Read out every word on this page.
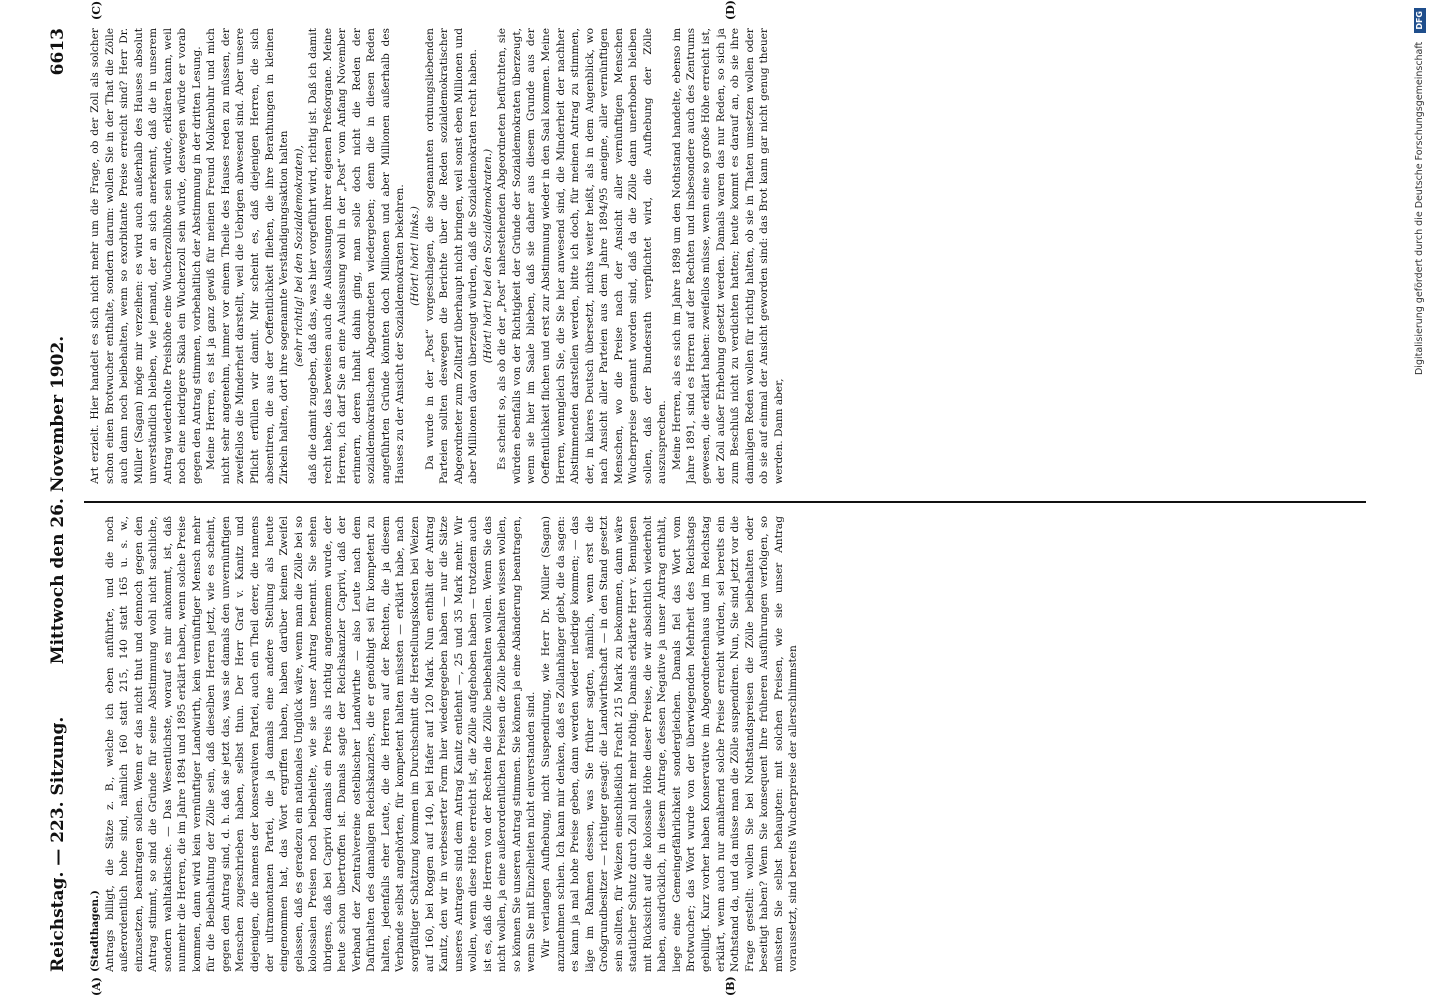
Reichstag. — 223. Sitzung.
Mittwoch den 26. November 1902.
6613
(A)	(B)
(C)	(D)
(Stadthagen.) Antrags billigt, die Sätze z. B., welche ich eben anführte, und die noch außerordentlich hohe sind, nämlich 160 statt 215, 140 statt 165 u. s. w., einzusetzen, beantragen sollen. Wenn er das nicht thut und dennoch gegen den Antrag stimmt, so sind die Gründe für seine Abstimmung wohl nicht sachliche, sondern wahltaktische. — Das Wesentlichste, worauf es mir ankommt, ist, daß nunmehr die Herren, die im Jahre 1894 und 1895 erklärt haben, wenn solche Preise kommen, dann wird kein vernünftiger Landwirth, kein vernünftiger Mensch mehr für die Beibehaltung der Zölle sein, daß dieselben Herren jetzt, wie es scheint, gegen den Antrag sind, d. h. daß sie jetzt das, was sie damals den unvernünftigen Menschen zugeschrieben haben, selbst thun. Der Herr Graf v. Kanitz und diejenigen, die namens der konservativen Partei, auch ein Theil derer, die namens der ultramontanen Partei, die ja damals eine andere Stellung als heute eingenommen hat, das Wort ergriffen haben, haben darüber keinen Zweifel gelassen, daß es geradezu ein nationales Unglück wäre, wenn man die Zölle bei so kolossalen Preisen noch beibehielte, wie sie unser Antrag benennt. Sie sehen übrigens, daß bei Caprivi damals ein Preis als richtig angenommen wurde, der heute schon übertroffen ist. Damals sagte der Reichskanzler Caprivi, daß der Verband der Zentralvereine ostelbischer Landwirthe — also Leute nach dem Dafürhalten des damaligen Reichskanzlers, die er genöthigt sei für kompetent zu halten, jedenfalls eher Leute, die die Herren auf der Rechten, die ja diesem Verbande selbst angehörten, für kompetent halten müssten — erklärt habe, nach sorgfältiger Schätzung kommen im Durchschnitt die Herstellungskosten bei Weizen auf 160, bei Roggen auf 140, bei Hafer auf 120 Mark. Nun enthält der Antrag Kanitz, den wir in verbesserter Form hier wiedergegeben haben — nur die Sätze unseres Antrages sind dem Antrag Kanitz entlehnt —, 25 und 35 Mark mehr. Wir wollen, wenn diese Höhe erreicht ist, die Zölle aufgehoben haben — trotzdem auch ist es, daß die Herren von der Rechten die Zölle beibehalten wollen. Wenn Sie das nicht wollen, ja eine außerordentlichen Preisen die Zölle beibehalten wissen wollen, so können Sie unseren Antrag stimmen. Sie können ja eine Abänderung beantragen, wenn Sie mit Einzelheiten nicht einverstanden sind. Wir verlangen Aufhebung, nicht Suspendirung, wie Herr Dr. Müller (Sagan) anzunehmen schien. Ich kann mir denken, daß es Zollanhänger giebt, die da sagen: es kann ja mal hohe Preise geben, dann werden wieder niedrige kommen; — das läge im Rahmen dessen, was Sie früher sagten, nämlich, wenn erst die Großgrundbesitzer — richtiger gesagt: die Landwirthschaft — in den Stand gesetzt sein sollten, für Weizen einschließlich Fracht 215 Mark zu bekommen, dann wäre staatlicher Schutz durch Zoll nicht mehr nöthig. Damals erklärte Herr v. Bennigsen mit Rücksicht auf die kolossale Höhe dieser Preise, die wir absichtlich wiederholt haben, ausdrücklich, in diesem Antrage, dessen Negative ja unser Antrag enthält, liege eine Gemeingefährlichkeit sondergleichen. Damals fiel das Wort vom Brotwucher; das Wort wurde von der überwiegenden Mehrheit des Reichstags gebilligt. Kurz vorher haben Konservative im Abgeordnetenhaus und im Reichstag erklärt, wenn auch nur annähernd solche Preise erreicht würden, sei bereits ein Nothstand da, und da müsse man die Zölle suspendiren. Nun, Sie sind jetzt vor die Frage gestellt: wollen Sie bei Nothstandspreisen die Zölle beibehalten oder beseitigt haben? Wenn Sie konsequent Ihre früheren Ausführungen verfolgen, so müssten Sie selbst behaupten: mit solchen Preisen, wie sie unser Antrag voraussetzt, sind bereits Wucherpreise der allerschlimmsten

Art erzielt. Hier handelt es sich nicht mehr um die Frage, ob der Zoll als solcher schon einen Brotwucher enthalte, sondern darum: wollen Sie in der That die Zölle auch dann noch beibehalten, wenn so exorbitante Preise erreicht sind? Herr Dr. Müller (Sagan) möge mir verzeihen: es wird auch außerhalb des Hauses absolut unverständlich bleiben, wie jemand, der an sich anerkennt, daß die in unserem Antrag wiederholte Preishöhe eine Wucherzollhöhe sein würde, erklären kann, weil noch eine niedrigere Skala ein Wucherzoll sein würde, deswegen würde er vorab gegen den Antrag stimmen, vorbehaltlich der Abstimmung in der dritten Lesung. Meine Herren, es ist ja ganz gewiß für meinen Freund Molkenbuhr und mich nicht sehr angenehm, immer vor einem Theile des Hauses reden zu müssen, der zweifellos die Minderheit darstellt, weil die Uebrigen abwesend sind. Aber unsere Pflicht erfüllen wir damit. Mir scheint es, daß diejenigen Herren, die sich absentiren, die aus der Oeffentlichkeit fliehen, die ihre Berathungen in kleinen Zirkeln halten, dort ihre sogenannte Verständigungsaktion halten (sehr richtig! bei den Sozialdemokraten), daß die damit zugeben, daß das, was hier vorgeführt wird, richtig ist. Daß ich damit recht habe, das beweisen auch die Auslassungen ihrer eigenen Preßorgane. Meine Herren, ich darf Sie an eine Auslassung wohl in der „Post“ vom Anfang November erinnern, deren Inhalt dahin ging, man solle doch nicht die Reden der sozialdemokratischen Abgeordneten wiedergeben; denn die in diesen Reden angeführten Gründe könnten doch Millionen und aber Millionen außerhalb des Hauses zu der Ansicht der Sozialdemokraten bekehren. (Hört! hört! links.) Da wurde in der „Post“ vorgeschlagen, die sogenannten ordnungsliebenden Parteien sollten deswegen die Berichte über die Reden sozialdemokratischer Abgeordneter zum Zolltarif überhaupt nicht bringen, weil sonst eben Millionen und aber Millionen davon überzeugt würden, daß die Sozialdemokraten recht haben. (Hört! hört! bei den Sozialdemokraten.) Es scheint so, als ob die der „Post“ nahestehenden Abgeordneten befürchten, sie würden ebenfalls von der Richtigkeit der Gründe der Sozialdemokraten überzeugt, wenn sie hier im Saale blieben, daß sie daher aus diesem Grunde aus der Oeffentlichkeit flichen und erst zur Abstimmung wieder in den Saal kommen. Meine Herren, wenngleich Sie, die Sie hier anwesend sind, die Minderheit der nachher Abstimmenden darstellen werden, bitte ich doch, für meinen Antrag zu stimmen, der, in klares Deutsch übersetzt, nichts weiter heißt, als in dem Augenblick, wo nach Ansicht aller Parteien aus dem Jahre 1894/95 aneigne, aller vernünftigen Menschen, wo die Preise nach der Ansicht aller vernünftigen Menschen Wucherpreise genannt worden sind, daß da die Zölle dann unerhoben bleiben sollen, daß der Bundesrath verpflichtet wird, die Aufhebung der Zölle auszusprechen. Meine Herren, als es sich im Jahre 1898 um den Nothstand handelte, ebenso im Jahre 1891, sind es Herren auf der Rechten und insbesondere auch des Zentrums gewesen, die erklärt haben: zweifellos müsse, wenn eine so große Höhe erreicht ist, der Zoll außer Erhebung gesetzt werden. Damals waren das nur Reden, so sich ja zum Beschluß nicht zu verdichten hatten; heute kommt es darauf an, ob sie ihre damaligen Reden wollen für richtig halten, ob sie in Thaten umsetzen wollen oder ob sie auf einmal der Ansicht geworden sind: das Brot kann gar nicht genug theuer werden. Dann aber,

Digitalisierung gefördert durch die Deutsche Forschungsgemeinschaft DFG
